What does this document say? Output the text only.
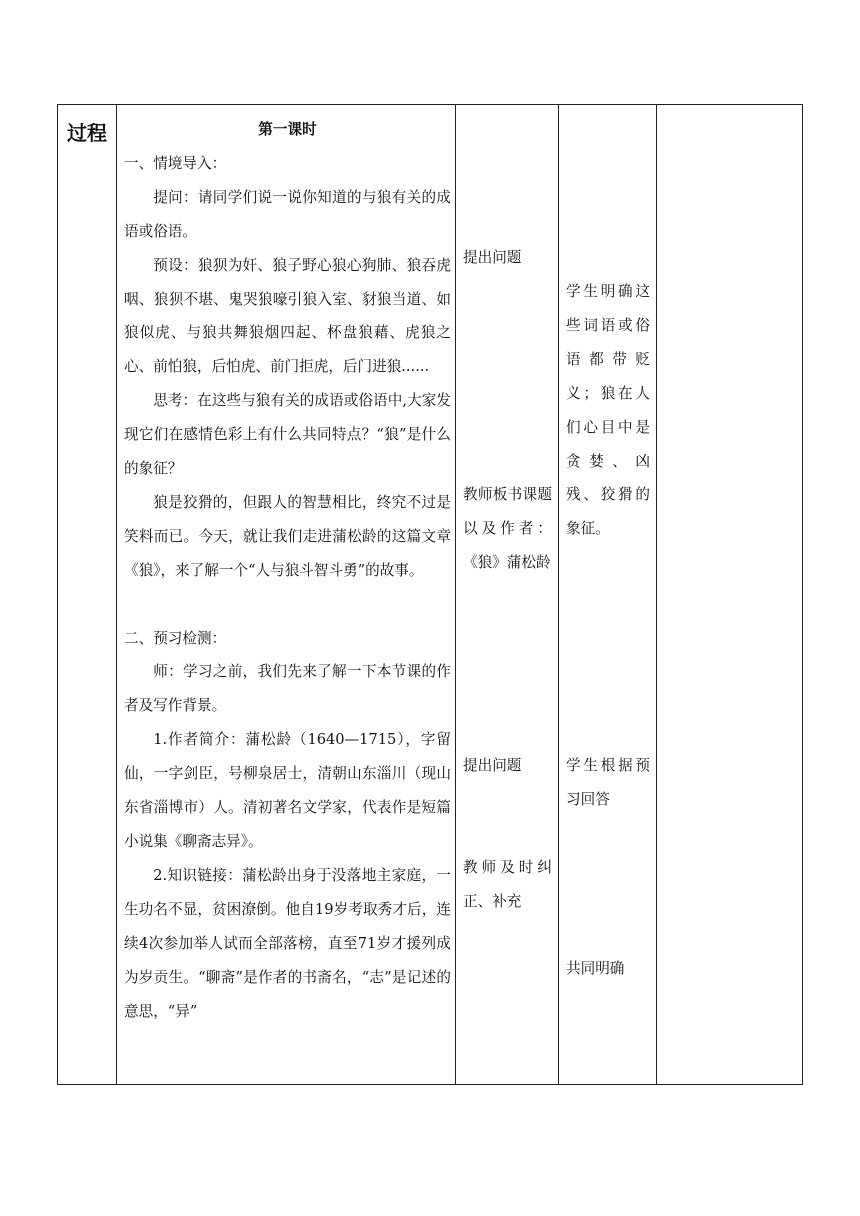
过程	第一课时

一、情境导入：

提问：请同学们说一说你知道的与狼有关的成语或俗语。

预设：狼狈为奸、狼子野心狼心狗肺、狼吞虎咽、狼狈不堪、鬼哭狼嚎引狼入室、豺狼当道、如狼似虎、与狼共舞狼烟四起、杯盘狼藉、虎狼之心、前怕狼，后怕虎、前门拒虎，后门进狼......

思考：在这些与狼有关的成语或俗语中,大家发现它们在感情色彩上有什么共同特点？“狼”是什么的象征？

狼是狡猾的，但跟人的智慧相比，终究不过是笑料而已。今天，就让我们走进蒲松龄的这篇文章《狼》，来了解一个“人与狼斗智斗勇”的故事。

二、预习检测：

师：学习之前，我们先来了解一下本节课的作者及写作背景。

1.作者简介：蒲松龄（1640—1715），字留仙，一字剑臣，号柳泉居士，清朝山东淄川（现山东省淄博市）人。清初著名文学家，代表作是短篇小说集《聊斋志异》。

2.知识链接：蒲松龄出身于没落地主家庭，一生功名不显，贫困潦倒。他自19岁考取秀才后，连续4次参加举人试而全部落榜，直至71岁才援列成为岁贡生。“聊斋”是作者的书斋名，“志”是记述的意思，“异”

提出问题

教师板书课题以及作者：《狼》蒲松龄

提出问题

教师及时纠正、补充

学生明确这些词语或俗语都带贬义；狼在人们心目中是贪婪、凶残、狡猾的象征。

学生根据预习回答

共同明确
